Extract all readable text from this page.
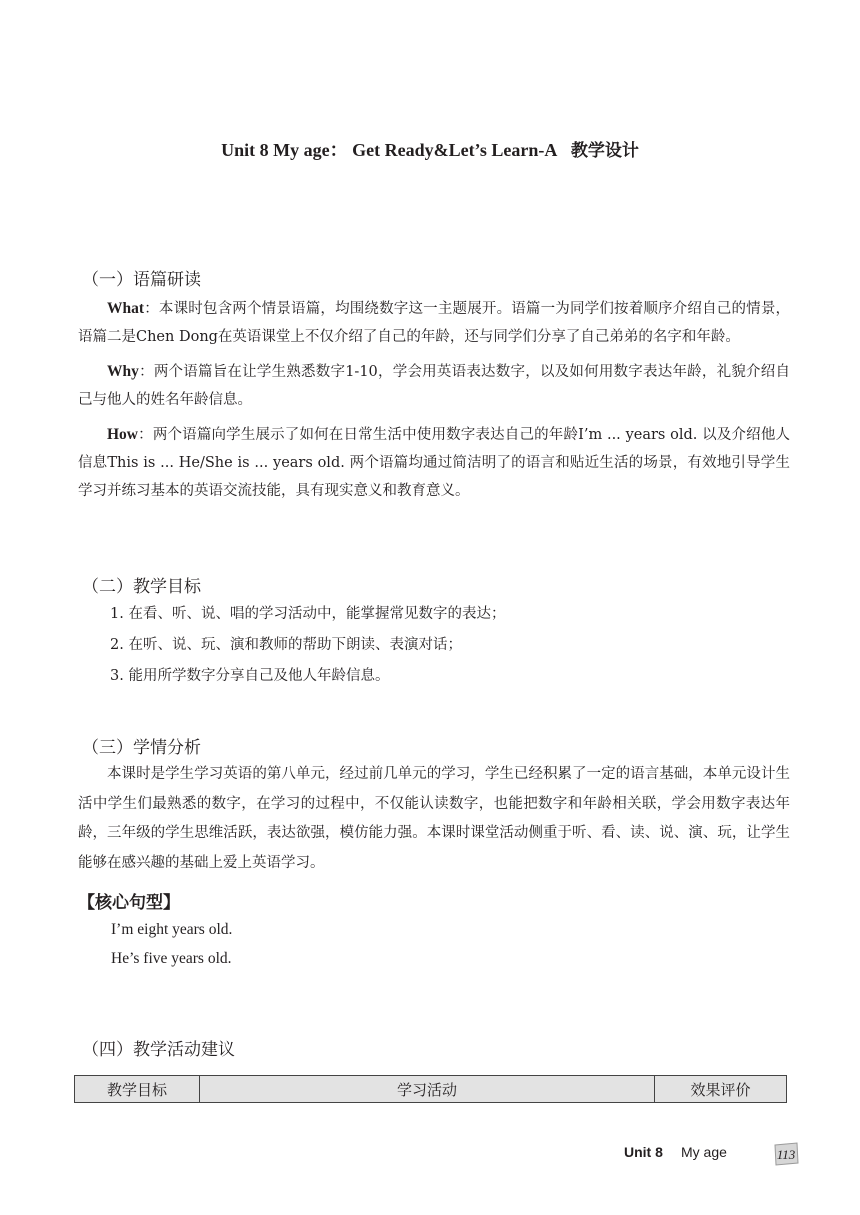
Unit 8 My age： Get Ready&Let’s Learn-A 教学设计
（一）语篇研读

What：本课时包含两个情景语篇，均围绕数字这一主题展开。语篇一为同学们按着顺序介绍自己的情景，语篇二是Chen Dong在英语课堂上不仅介绍了自己的年龄，还与同学们分享了自己弟弟的名字和年龄。

Why：两个语篇旨在让学生熟悉数字1-10，学会用英语表达数字，以及如何用数字表达年龄，礼貌介绍自己与他人的姓名年龄信息。

How：两个语篇向学生展示了如何在日常生活中使用数字表达自己的年龄I’m ... years old. 以及介绍他人信息This is ... He/She is ... years old. 两个语篇均通过简洁明了的语言和贴近生活的场景，有效地引导学生学习并练习基本的英语交流技能，具有现实意义和教育意义。

（二）教学目标
1. 在看、听、说、唱的学习活动中，能掌握常见数字的表达；
2. 在听、说、玩、演和教师的帮助下朗读、表演对话；
3. 能用所学数字分享自己及他人年龄信息。
（三）学情分析

本课时是学生学习英语的第八单元，经过前几单元的学习，学生已经积累了一定的语言基础，本单元设计生活中学生们最熟悉的数字，在学习的过程中，不仅能认读数字，也能把数字和年龄相关联，学会用数字表达年龄，三年级的学生思维活跃，表达欲强，模仿能力强。本课时课堂活动侧重于听、看、读、说、演、玩，让学生能够在感兴趣的基础上爱上英语学习。

【核心句型】
I’m eight years old.
He’s five years old.
（四）教学活动建议
教学目标	学习活动	效果评价
Unit 8 My age	113
